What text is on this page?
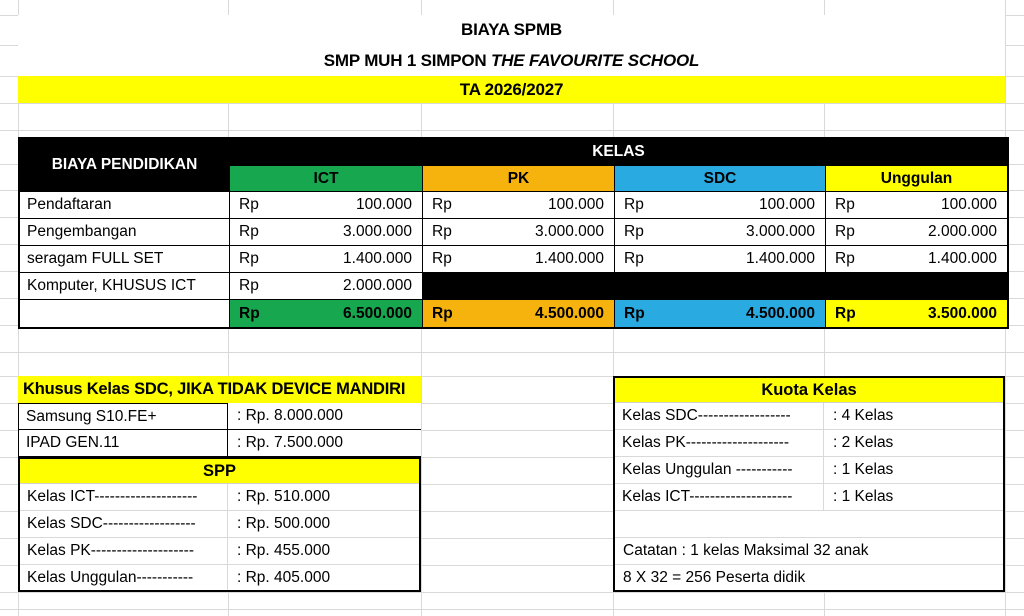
BIAYA SPMB
SMP MUH 1 SIMPON THE FAVOURITE SCHOOL
TA 2026/2027
BIAYA PENDIDIKAN
KELAS
ICT	PK	SDC	Unggulan
Pendaftaran	Rp	100.000 Rp	100.000 Rp	100.000 Rp	100.000
Pengembangan	Rp	3.000.000 Rp	3.000.000 Rp	3.000.000 Rp	2.000.000
seragam FULL SET	Rp	1.400.000 Rp	1.400.000 Rp	1.400.000 Rp	1.400.000
Komputer, KHUSUS ICT	Rp	2.000.000
Rp	6.500.000 Rp	4.500.000 Rp	4.500.000 Rp	3.500.000
Khusus Kelas SDC, JIKA TIDAK DEVICE MANDIRI
Samsung S10.FE+	: Rp. 8.000.000
IPAD GEN.11	: Rp. 7.500.000
SPP
Kelas ICT--------------------	: Rp. 510.000
Kelas SDC------------------	: Rp. 500.000
Kelas PK--------------------	: Rp. 455.000
Kelas Unggulan-----------	: Rp. 405.000
Kuota Kelas
Kelas SDC------------------	: 4 Kelas
Kelas PK--------------------	: 2 Kelas
Kelas Unggulan -----------	: 1 Kelas
Kelas ICT--------------------	: 1 Kelas
Catatan : 1 kelas Maksimal 32 anak
8 X 32 = 256 Peserta didik
